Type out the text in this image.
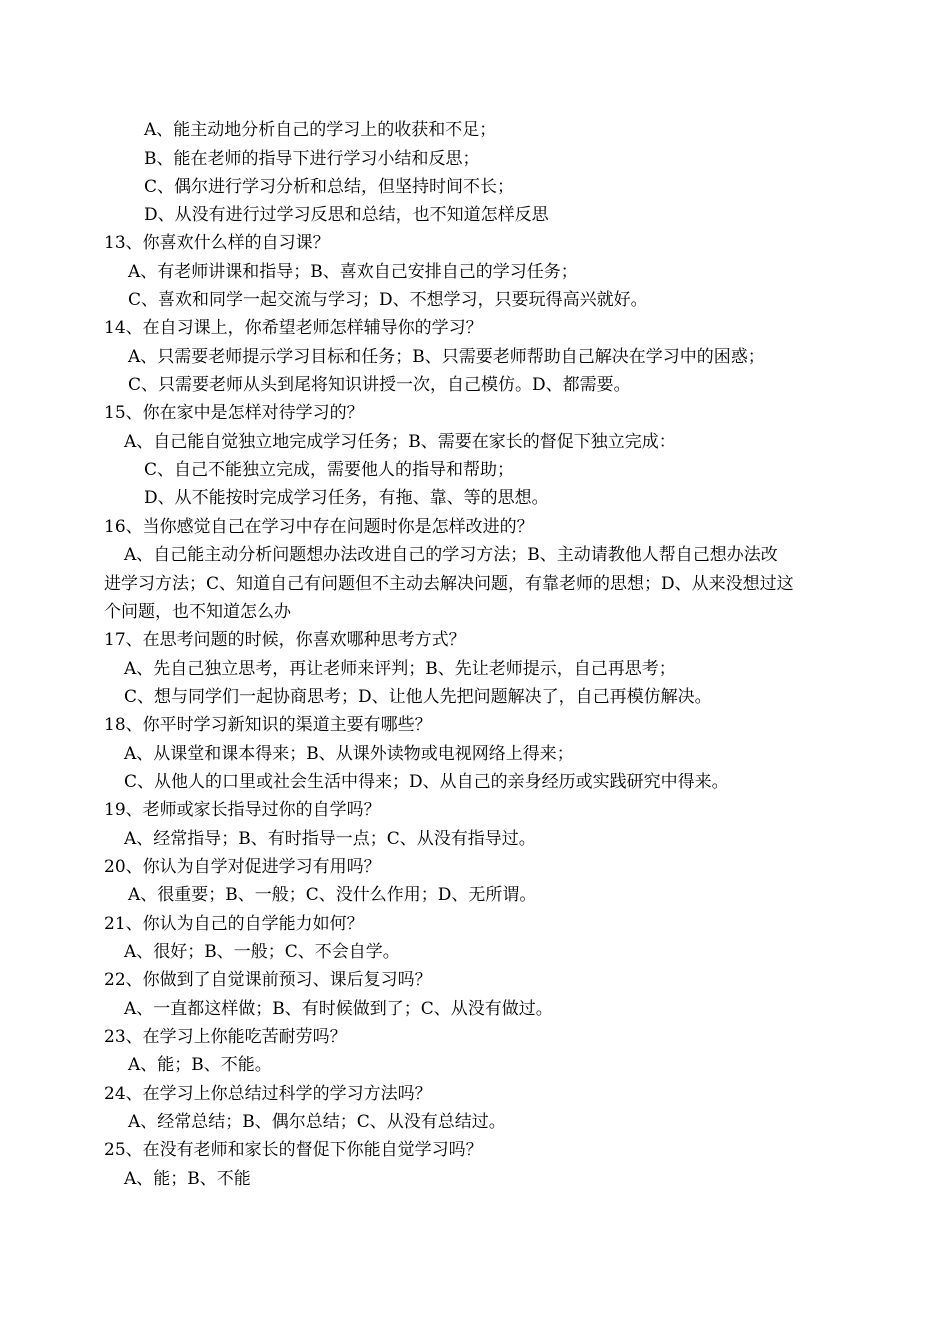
A、能主动地分析自己的学习上的收获和不足；
B、能在老师的指导下进行学习小结和反思；
C、偶尔进行学习分析和总结，但坚持时间不长；
D、从没有进行过学习反思和总结，也不知道怎样反思
13、你喜欢什么样的自习课？
A、有老师讲课和指导；B、喜欢自己安排自己的学习任务；
C、喜欢和同学一起交流与学习；D、不想学习，只要玩得高兴就好。
14、在自习课上，你希望老师怎样辅导你的学习？
A、只需要老师提示学习目标和任务；B、只需要老师帮助自己解决在学习中的困惑；
C、只需要老师从头到尾将知识讲授一次，自己模仿。D、都需要。
15、你在家中是怎样对待学习的？
A、自己能自觉独立地完成学习任务；B、需要在家长的督促下独立完成：
C、自己不能独立完成，需要他人的指导和帮助；
D、从不能按时完成学习任务，有拖、靠、等的思想。
16、当你感觉自己在学习中存在问题时你是怎样改进的？
A、自己能主动分析问题想办法改进自己的学习方法；B、主动请教他人帮自己想办法改
进学习方法；C、知道自己有问题但不主动去解决问题，有靠老师的思想；D、从来没想过这
个问题，也不知道怎么办
17、在思考问题的时候，你喜欢哪种思考方式？
A、先自己独立思考，再让老师来评判；B、先让老师提示，自己再思考；
C、想与同学们一起协商思考；D、让他人先把问题解决了，自己再模仿解决。
18、你平时学习新知识的渠道主要有哪些？
A、从课堂和课本得来；B、从课外读物或电视网络上得来；
C、从他人的口里或社会生活中得来；D、从自己的亲身经历或实践研究中得来。
19、老师或家长指导过你的自学吗？
A、经常指导；B、有时指导一点；C、从没有指导过。
20、你认为自学对促进学习有用吗？
A、很重要；B、一般；C、没什么作用；D、无所谓。
21、你认为自己的自学能力如何？
A、很好；B、一般；C、不会自学。
22、你做到了自觉课前预习、课后复习吗？
A、一直都这样做；B、有时候做到了；C、从没有做过。
23、在学习上你能吃苦耐劳吗？
A、能；B、不能。
24、在学习上你总结过科学的学习方法吗？
A、经常总结；B、偶尔总结；C、从没有总结过。
25、在没有老师和家长的督促下你能自觉学习吗？
A、能；B、不能
